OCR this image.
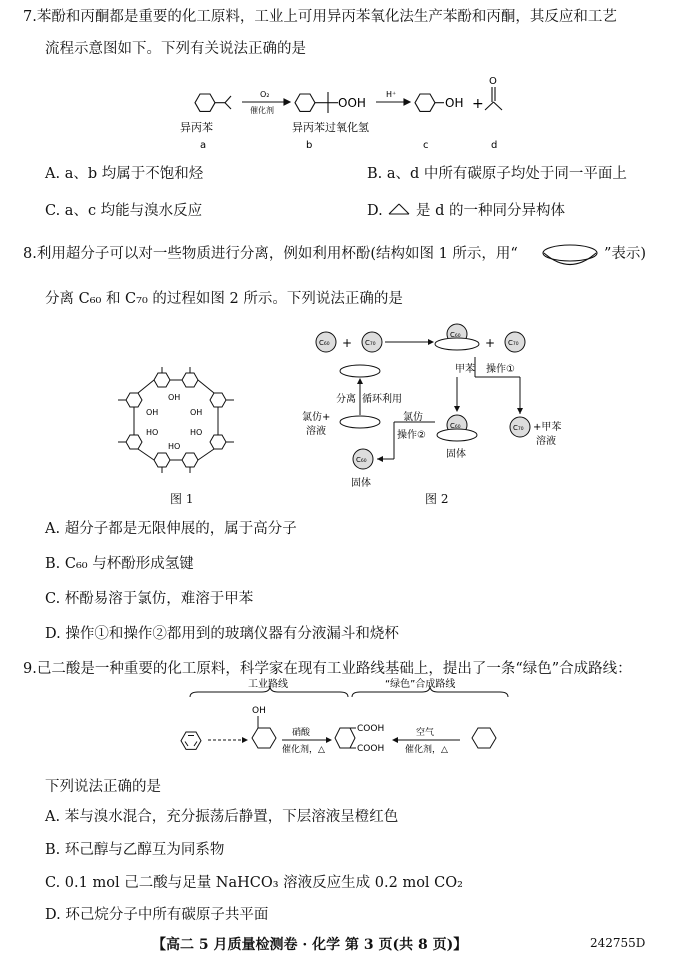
7.苯酚和丙酮都是重要的化工原料，工业上可用异丙苯氧化法生产苯酚和丙酮，其反应和工艺
流程示意图如下。下列有关说法正确的是
O₂
催化剂
OOH
H⁺
OH +
O
异丙苯	异丙苯过氧化氢
a	b	c	d
A. a、b 均属于不饱和烃	B. a、d 中所有碳原子均处于同一平面上
C. a、c 均能与溴水反应	D. 是 d 的一种同分异构体
8.利用超分子可以对一些物质进行分离，例如利用杯酚(结构如图 1 所示，用“	”表示)
分离 C₆₀ 和 C₇₀ 的过程如图 2 所示。下列说法正确的是
OH
OH	OH
HO	HO
HO
图 1
C₆₀ + C₇₀
C₆₀
+ C₇₀
甲苯 操作①
分离 循环利用
氯仿
操作②
氯仿+
溶液	C₆₀
固体
C₇₀ +甲苯
溶液
C₆₀
固体
图 2
A. 超分子都是无限伸展的，属于高分子
B. C₆₀ 与杯酚形成氢键
C. 杯酚易溶于氯仿，难溶于甲苯
D. 操作①和操作②都用到的玻璃仪器有分液漏斗和烧杯
9.己二酸是一种重要的化工原料，科学家在现有工业路线基础上，提出了一条“绿色”合成路线：
工业路线	“绿色”合成路线
OH
硝酸
催化剂，△
COOH
COOH
空气
催化剂，△
下列说法正确的是
A. 苯与溴水混合，充分振荡后静置，下层溶液呈橙红色
B. 环己醇与乙醇互为同系物
C. 0.1 mol 己二酸与足量 NaHCO₃ 溶液反应生成 0.2 mol CO₂
D. 环己烷分子中所有碳原子共平面
【高二 5 月质量检测卷 · 化学 第 3 页(共 8 页)】	242755D
